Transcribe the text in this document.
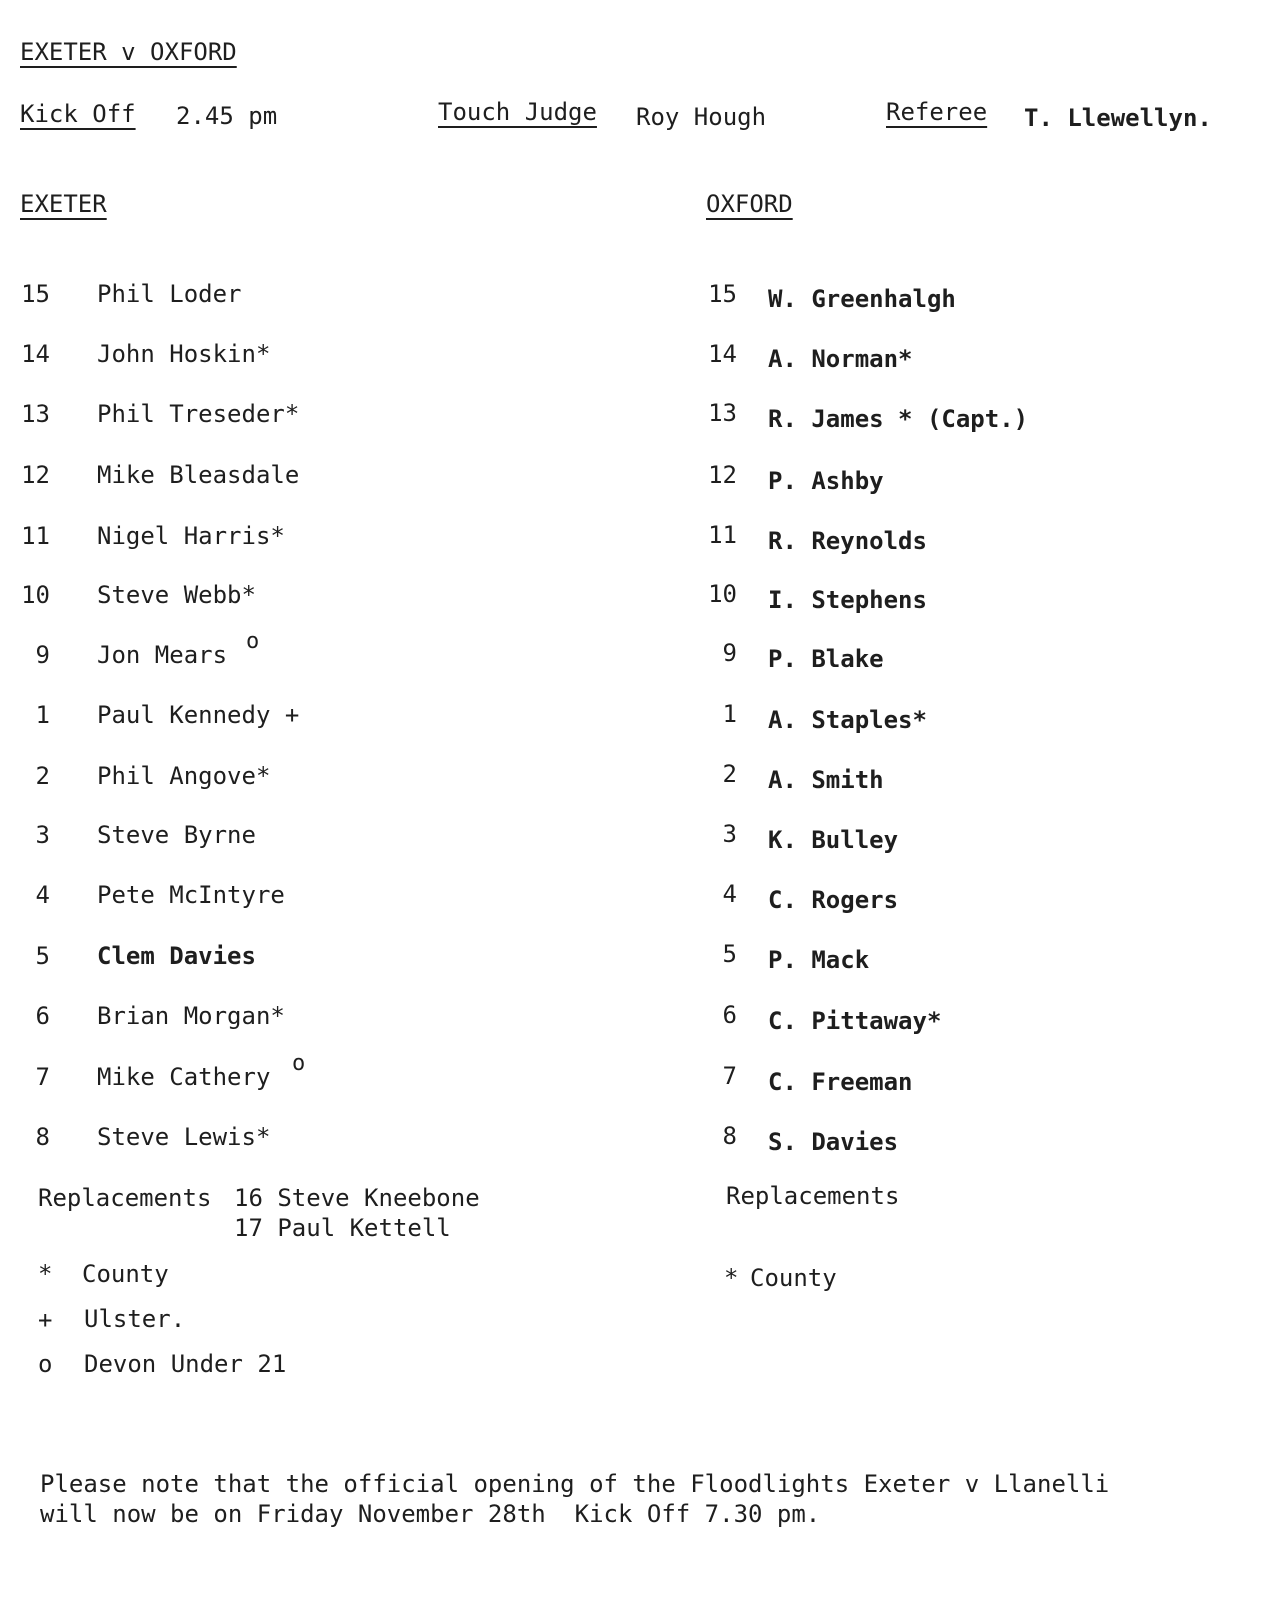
EXETER v OXFORD
Kick Off 2.45 pm	Touch Judge Roy Hough	Referee T. Llewellyn.
EXETER	OXFORD
15 Phil Loder
14 John Hoskin*
13 Phil Treseder*
12 Mike Bleasdale
11 Nigel Harris*
10 Steve Webb*
9 Jon Mears o
1 Paul Kennedy +
2 Phil Angove*
3 Steve Byrne
4 Pete McIntyre
5 Clem Davies
6 Brian Morgan*
7 Mike Cathery o
8 Steve Lewis*
Replacements 16 Steve Kneebone
17 Paul Kettell
* County
+ Ulster.
o Devon Under 21
15 W. Greenhalgh
14 A. Norman*
13 R. James * (Capt.)
12 P. Ashby
11 R. Reynolds
10 I. Stephens
9 P. Blake
1 A. Staples*
2 A. Smith
3 K. Bulley
4 C. Rogers
5 P. Mack
6 C. Pittaway*
7 C. Freeman
8 S. Davies
Replacements
* County
Please note that the official opening of the Floodlights Exeter v Llanelli
will now be on Friday November 28th  Kick Off 7.30 pm.
